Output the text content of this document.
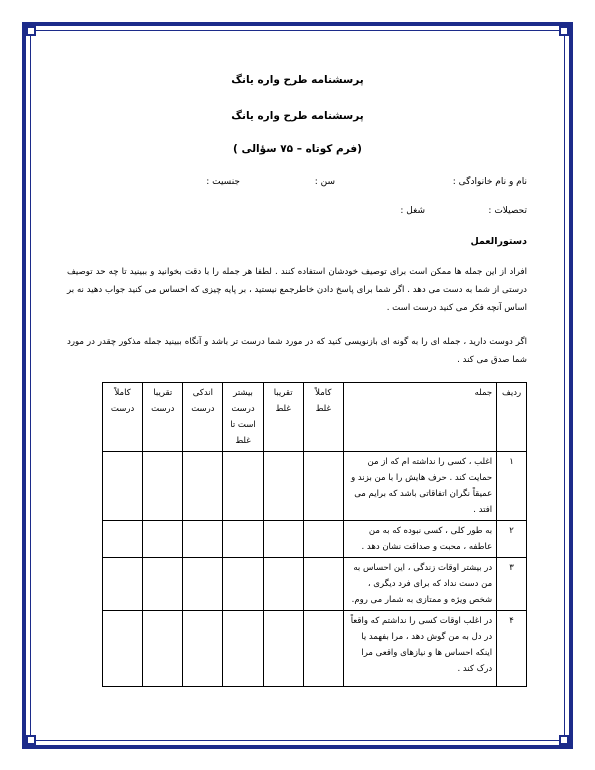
پرسشنامه طرح واره یانگ
پرسشنامه طرح واره یانگ
(فرم کوتاه – ۷۵ سؤالی )
نام و نام خانوادگی :
سن :
جنسیت :
تحصیلات :
شغل :
دستورالعمل
افراد از این جمله ها ممکن است برای توصیف خودشان استفاده کنند . لطفا هر جمله را با دقت بخوانید و ببینید تا چه حد توصیف درستی از شما به دست می دهد . اگر شما برای پاسخ دادن خاطرجمع نیستید ، بر پایه چیزی که احساس می کنید جواب دهید نه بر اساس آنچه فکر می کنید درست است .
اگر دوست دارید ، جمله ای را به گونه ای بازنویسی کنید که در مورد شما درست تر باشد و آنگاه ببینید جمله مذکور چقدر در مورد شما صدق می کند .
ردیف	جمله	کاملاً غلط	تقریبا غلط	بیشتر درست است تا غلط	اندکی درست	تقریبا درست	کاملاً درست
۱	اغلب ، کسی را نداشته ام که از من حمایت کند . حرف هایش را با من بزند و عمیقاً نگران اتفاقاتی باشد که برایم می افتد .						
۲	به طور کلی ، کسی نبوده که به من عاطفه ، محبت و صداقت نشان دهد .						
۳	در بیشتر اوقات زندگی ، این احساس به من دست نداد که برای فرد دیگری ، شخص ویژه و ممتازی به شمار می روم.						
۴	در اغلب اوقات کسی را نداشتم که واقعاً در دل به من گوش دهد ، مرا بفهمد یا اینکه احساس ها و نیازهای واقعی مرا درک کند .						
